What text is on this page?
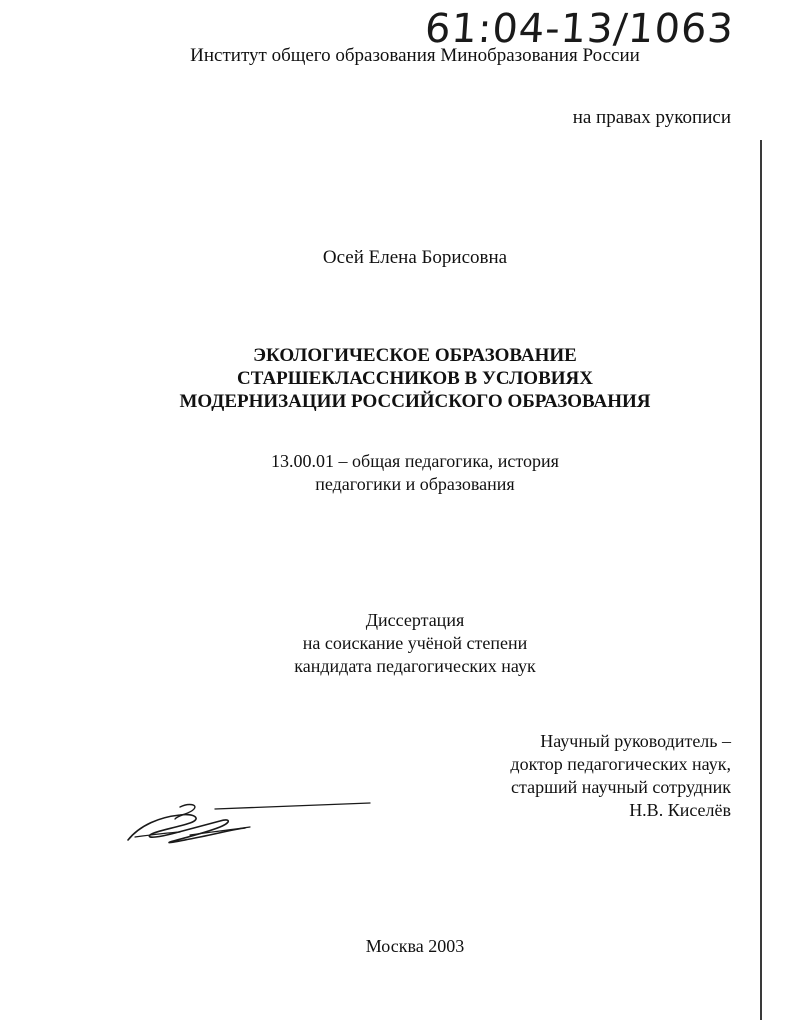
61:04-13/1063
Институт общего образования Минобразования России
на правах рукописи
Осей Елена Борисовна
ЭКОЛОГИЧЕСКОЕ ОБРАЗОВАНИЕ
СТАРШЕКЛАССНИКОВ В УСЛОВИЯХ
МОДЕРНИЗАЦИИ РОССИЙСКОГО ОБРАЗОВАНИЯ
13.00.01 – общая педагогика, история
педагогики и образования
Диссертация
на соискание учёной степени
кандидата педагогических наук
Научный руководитель –
доктор педагогических наук,
старший научный сотрудник
Н.В. Киселёв
Москва 2003
